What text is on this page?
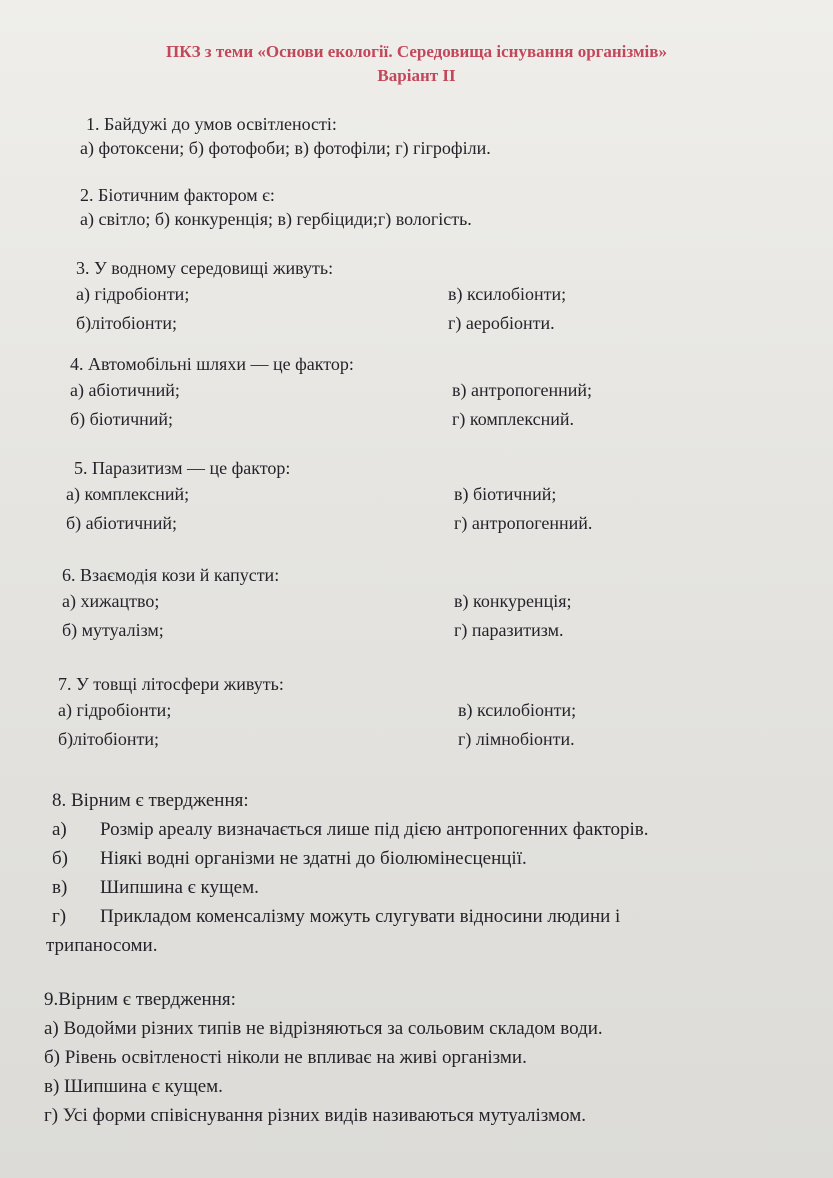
ПКЗ з теми «Основи екології. Середовища існування організмів»
Варіант ІІ
1. Байдужі до умов освітленості:
а) фотоксени; б) фотофоби; в) фотофіли; г) гігрофіли.
2. Біотичним фактором є:
а) світло; б) конкуренція; в) гербіциди;г) вологість.
3. У водному середовищі живуть:
а) гідробіонти;
б)літобіонти;
в) ксилобіонти;
г) аеробіонти.
4. Автомобільні шляхи — це фактор:
а) абіотичний;
б) біотичний;
в) антропогенний;
г) комплексний.
5. Паразитизм — це фактор:
а) комплексний;
б) абіотичний;
в) біотичний;
г) антропогенний.
6. Взаємодія кози й капусти:
а) хижацтво;
б) мутуалізм;
в) конкуренція;
г) паразитизм.
7. У товщі літосфери живуть:
а) гідробіонти;
б)літобіонти;
в) ксилобіонти;
г) лімнобіонти.
8. Вірним є твердження:
а) Розмір ареалу визначається лише під дією антропогенних факторів.
б) Ніякі водні організми не здатні до біолюмінесценції.
в) Шипшина є кущем.
г) Прикладом коменсалізму можуть слугувати відносини людини і
трипаносоми.
9.Вірним є твердження:
а) Водойми різних типів не відрізняються за сольовим складом води.
б) Рівень освітленості ніколи не впливає на живі організми.
в) Шипшина є кущем.
г) Усі форми співіснування різних видів називаються мутуалізмом.
